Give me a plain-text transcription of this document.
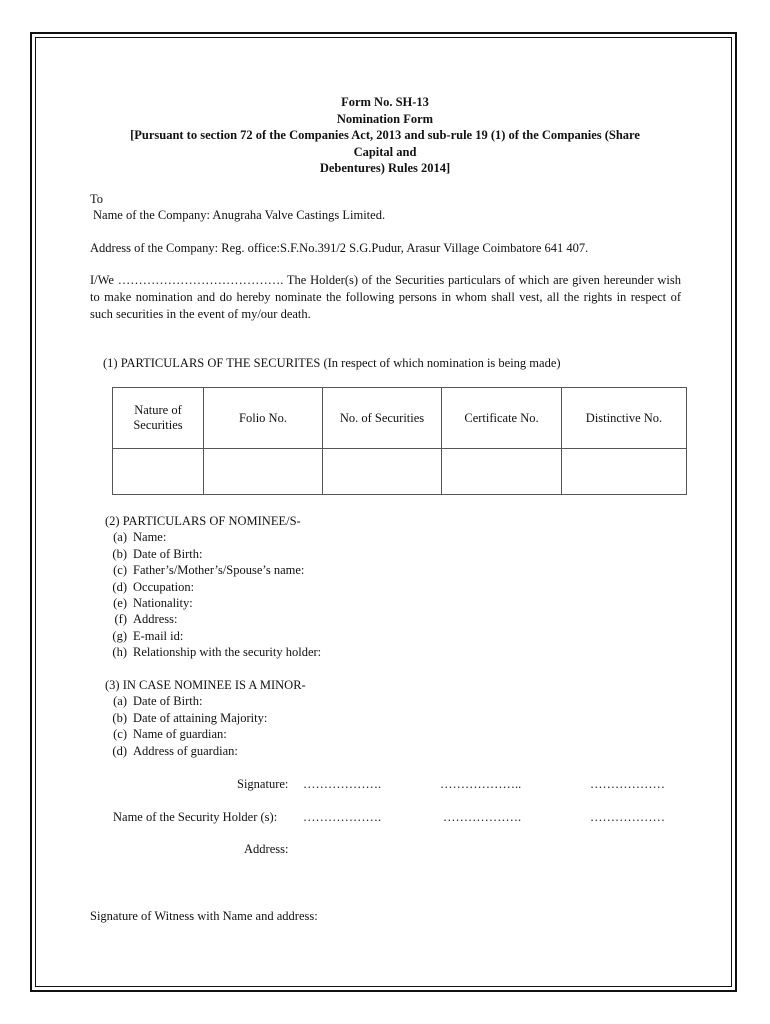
Form No. SH-13
Nomination Form
[Pursuant to section 72 of the Companies Act, 2013 and sub-rule 19 (1) of the Companies (Share
Capital and
Debentures) Rules 2014]
To
Name of the Company: Anugraha Valve Castings Limited.
Address of the Company: Reg. office:S.F.No.391/2 S.G.Pudur, Arasur Village Coimbatore 641 407.
I/We …………………………………. The Holder(s) of the Securities particulars of which are given hereunder wish to make nomination and do hereby nominate the following persons in whom shall vest, all the rights in respect of such securities in the event of my/our death.
(1) PARTICULARS OF THE SECURITES (In respect of which nomination is being made)
Nature of Securities	Folio No.	No. of Securities	Certificate No.	Distinctive No.

(2) PARTICULARS OF NOMINEE/S-
(a) Name:
(b) Date of Birth:
(c) Father’s/Mother’s/Spouse’s name:
(d) Occupation:
(e) Nationality:
(f) Address:
(g) E-mail id:
(h) Relationship with the security holder:
(3) IN CASE NOMINEE IS A MINOR-
(a) Date of Birth:
(b) Date of attaining Majority:
(c) Name of guardian:
(d) Address of guardian:
Signature: ……………….	………………..	………………
Name of the Security Holder (s): ……………….	……………….	………………
Address:
Signature of Witness with Name and address:
